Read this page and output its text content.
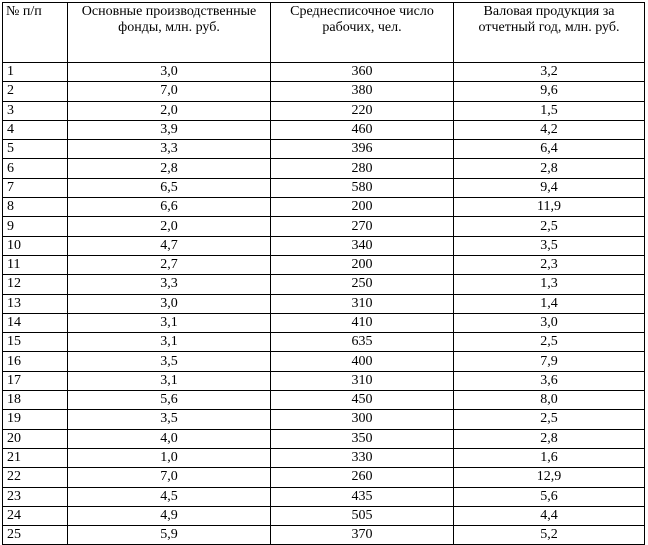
№ п/п	Основные производственные фонды, млн. руб.	Среднесписочное число рабочих, чел.	Валовая продукция за отчетный год, млн. руб.
1	3,0	360	3,2
2	7,0	380	9,6
3	2,0	220	1,5
4	3,9	460	4,2
5	3,3	396	6,4
6	2,8	280	2,8
7	6,5	580	9,4
8	6,6	200	11,9
9	2,0	270	2,5
10	4,7	340	3,5
11	2,7	200	2,3
12	3,3	250	1,3
13	3,0	310	1,4
14	3,1	410	3,0
15	3,1	635	2,5
16	3,5	400	7,9
17	3,1	310	3,6
18	5,6	450	8,0
19	3,5	300	2,5
20	4,0	350	2,8
21	1,0	330	1,6
22	7,0	260	12,9
23	4,5	435	5,6
24	4,9	505	4,4
25	5,9	370	5,2
